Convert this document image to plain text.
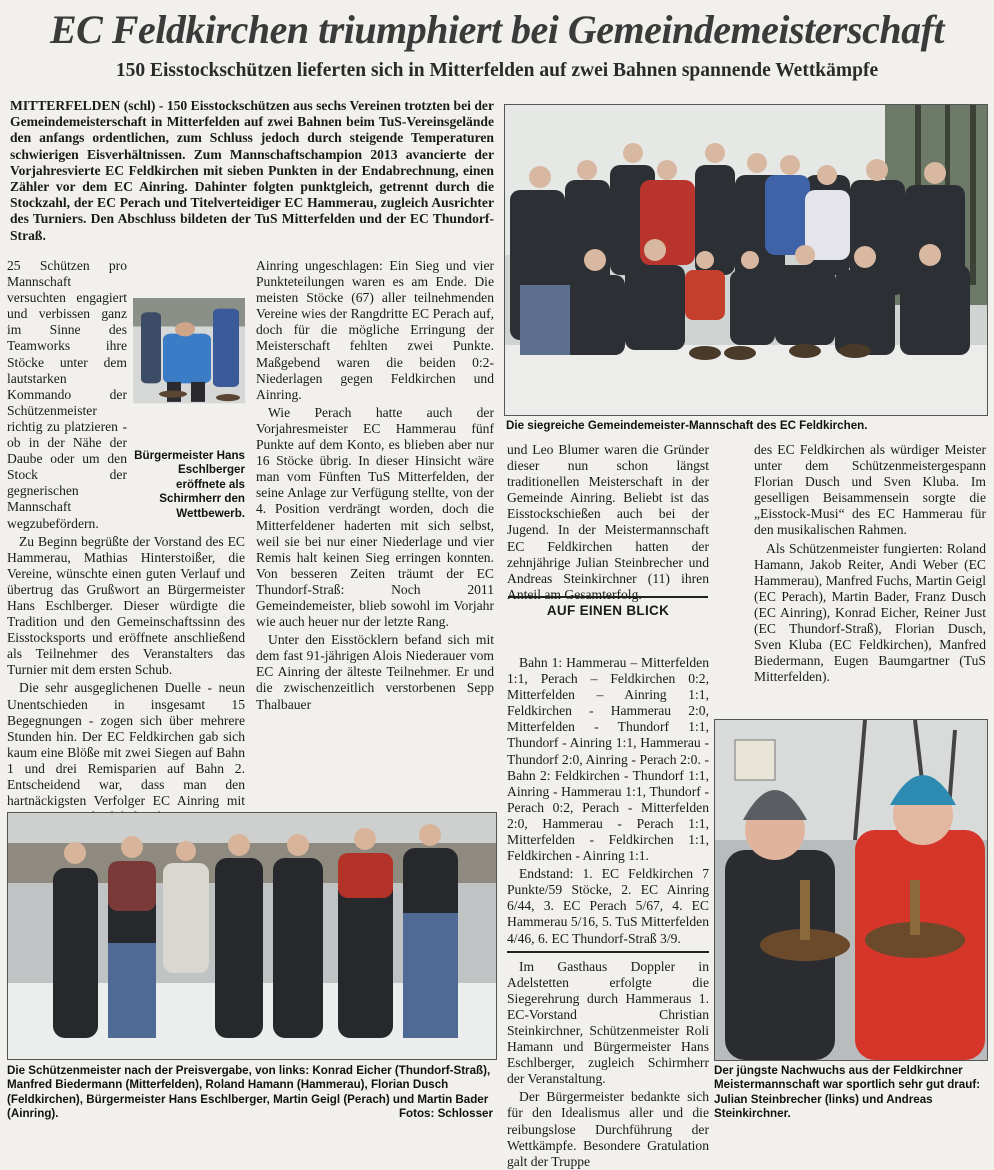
EC Feldkirchen triumphiert bei Gemeindemeisterschaft
150 Eisstockschützen lieferten sich in Mitterfelden auf zwei Bahnen spannende Wettkämpfe

MITTERFELDEN (schl) - 150 Eisstockschützen aus sechs Vereinen trotzten bei der Gemeindemeisterschaft in Mitterfelden auf zwei Bahnen beim TuS-Vereinsgelände den anfangs ordentlichen, zum Schluss jedoch durch steigende Temperaturen schwierigen Eisverhältnissen. Zum Mannschaftschampion 2013 avancierte der Vorjahresvierte EC Feldkirchen mit sieben Punkten in der Endabrechnung, einen Zähler vor dem EC Ainring. Dahinter folgten punktgleich, getrennt durch die Stockzahl, der EC Perach und Titelverteidiger EC Hammerau, zugleich Ausrichter des Turniers. Den Abschluss bildeten der TuS Mitterfelden und der EC Thundorf-Straß.

Die siegreiche Gemeindemeister-Mannschaft des EC Feldkirchen.
Bürgermeister Hans Eschlberger eröffnete als Schirmherr den Wettbewerb.

25 Schützen pro Mannschaft versuchten engagiert und verbissen ganz im Sinne des Teamworks ihre Stöcke unter dem lautstarken Kommando der Schützenmeister richtig zu platzieren - ob in der Nähe der Daube oder um den Stock der gegnerischen Mannschaft wegzubefördern.

Zu Beginn begrüßte der Vorstand des EC Hammerau, Mathias Hinterstoißer, die Vereine, wünschte einen guten Verlauf und übertrug das Grußwort an Bürgermeister Hans Eschlberger. Dieser würdigte die Tradition und den Gemeinschaftssinn des Eisstocksports und eröffnete anschließend als Teilnehmer des Veranstalters das Turnier mit dem ersten Schub.

Die sehr ausgeglichenen Duelle - neun Unentschieden in insgesamt 15 Begegnungen - zogen sich über mehrere Stunden hin. Der EC Feldkirchen gab sich kaum eine Blöße mit zwei Siegen auf Bahn 1 und drei Remisparien auf Bahn 2. Entscheidend war, dass man den hartnäckigsten Verfolger EC Ainring mit

Ainring ungeschlagen: Ein Sieg und vier Punkteteilungen waren es am Ende. Die meisten Stöcke (67) aller teilnehmenden Vereine wies der Rangdritte EC Perach auf, doch für die mögliche Erringung der Meisterschaft fehlten zwei Punkte. Maßgebend waren die beiden 0:2-Niederlagen gegen Feldkirchen und Ainring.

Wie Perach hatte auch der Vorjahresmeister EC Hammerau fünf Punkte auf dem Konto, es blieben aber nur 16 Stöcke übrig. In dieser Hinsicht wäre man vom Fünften TuS Mitterfelden, der seine Anlage zur Verfügung stellte, von der 4. Position verdrängt worden, doch die Mitterfeldener haderten mit sich selbst, weil sie bei nur einer Niederlage und vier Remis halt keinen Sieg erringen konnten. Von besseren Zeiten träumt der EC Thundorf-Straß: Noch 2011 Gemeindemeister, blieb sowohl im Vorjahr wie auch heuer nur der letzte Rang.

Unter den Eisstöcklern befand sich mit dem fast 91-jährigen Alois Niederauer vom EC Ainring der älteste Teilnehmer. Er und die zwischenzeitlich verstorbenen Sepp Thalbauer

und Leo Blumer waren die Gründer dieser nun schon längst traditionellen Meisterschaft in der Gemeinde Ainring. Beliebt ist das Eisstockschießen auch bei der Jugend. In der Meistermannschaft EC Feldkirchen hatten der zehnjährige Julian Steinbrecher und Andreas Steinkirchner (11) ihren Anteil am Gesamterfolg.

Bahn 1: Hammerau – Mitterfelden 1:1, Perach – Feldkirchen 0:2, Mitterfelden – Ainring 1:1, Feldkirchen - Hammerau 2:0, Mitterfelden - Thundorf 1:1, Thundorf - Ainring 1:1, Hammerau - Thundorf 2:0, Ainring - Perach 2:0. - Bahn 2: Feldkirchen - Thundorf 1:1, Ainring - Hammerau 1:1, Thundorf - Perach 0:2, Perach - Mitterfelden 2:0, Hammerau - Perach 1:1, Mitterfelden - Feldkirchen 1:1, Feldkirchen - Ainring 1:1.

Endstand: 1. EC Feldkirchen 7 Punkte/59 Stöcke, 2. EC Ainring 6/44, 3. EC Perach 5/67, 4. EC Hammerau 5/16, 5. TuS Mitterfelden 4/46, 6. EC Thundorf-Straß 3/9.

Im Gasthaus Doppler in Adelstetten erfolgte die Siegerehrung durch Hammeraus 1. EC-Vorstand Christian Steinkirchner, Schützenmeister Roli Hamann und Bürgermeister Hans Eschlberger, zugleich Schirmherr der Veranstaltung.

Der Bürgermeister bedankte sich für den Idealismus aller und die reibungslose Durchführung der Wettkämpfe. Besondere Gratulation galt der Truppe

AUF EINEN BLICK

des EC Feldkirchen als würdiger Meister unter dem Schützenmeistergespann Florian Dusch und Sven Kluba. Im geselligen Beisammensein sorgte die „Eisstock-Musi“ des EC Hammerau für den musikalischen Rahmen.

Als Schützenmeister fungierten: Roland Hamann, Jakob Reiter, Andi Weber (EC Hammerau), Manfred Fuchs, Martin Geigl (EC Perach), Martin Bader, Franz Dusch (EC Ainring), Konrad Eicher, Reiner Just (EC Thundorf-Straß), Florian Dusch, Sven Kluba (EC Feldkirchen), Manfred Biedermann, Eugen Baumgartner (TuS Mitterfelden).

Der jüngste Nachwuchs aus der Feldkirchner Meistermannschaft war sportlich sehr gut drauf: Julian Steinbrecher (links) und Andreas Steinkirchner.
Die Schützenmeister nach der Preisvergabe, von links: Konrad Eicher (Thundorf-Straß), Manfred Biedermann (Mitterfelden), Roland Hamann (Hammerau), Florian Dusch (Feldkirchen), Bürgermeister Hans Eschlberger, Martin Geigl (Perach) und Martin Bader (Ainring).	Fotos: Schlosser
